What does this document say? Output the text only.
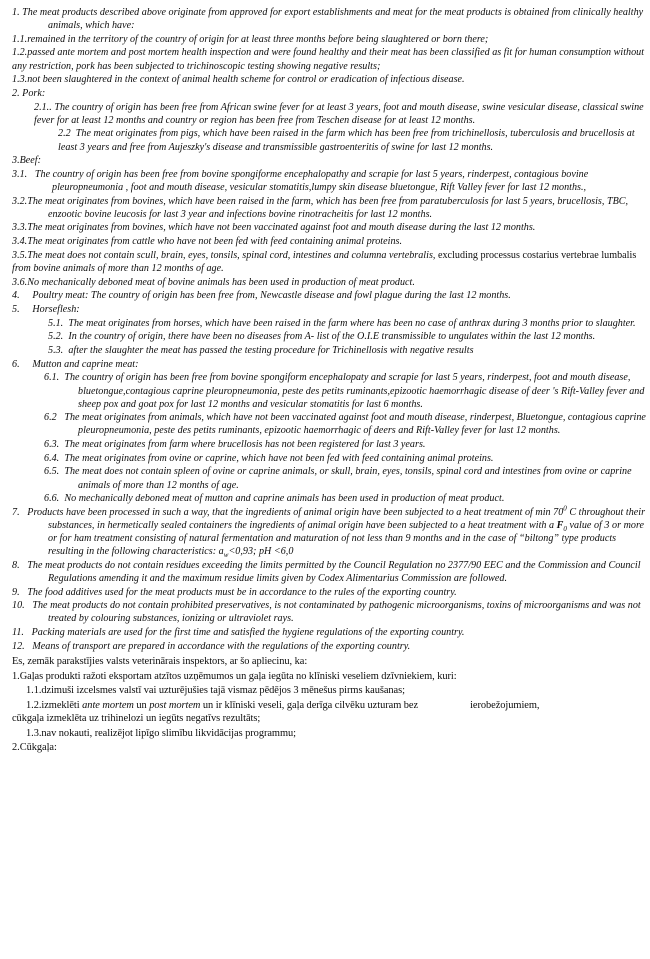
1. The meat products described above originate from approved for export establishments and meat for the meat products is obtained from clinically healthy animals, which have:

1.1.remained in the territory of the country of origin for at least three months before being slaughtered or born there;

1.2.passed ante mortem and post mortem health inspection and were found healthy and their meat has been classified as fit for human consumption without any restriction, pork has been subjected to trichinoscopic testing showing negative results;

1.3.not been slaughtered in the context of animal health scheme for control or eradication of infectious disease.

2. Pork:

2.1.. The country of origin has been free from African swine fever for at least 3 years, foot and mouth disease, swine vesicular disease, classical swine fever for at least 12 months and country or region has been free from Teschen disease for at least 12 months.

2.2 The meat originates from pigs, which have been raised in the farm which has been free from trichinellosis, tuberculosis and brucellosis at least 3 years and free from Aujeszky's disease and transmissible gastroenteritis of swine for last 12 months.

3.Beef:

3.1. The country of origin has been free from bovine spongiforme encephalopathy and scrapie for last 5 years, rinderpest, contagious bovine pleuropneumonia , foot and mouth disease, vesicular stomatitis,lumpy skin disease bluetongue, Rift Valley fever for last 12 months.,

3.2.The meat originates from bovines, which have been raised in the farm, which has been free from paratuberculosis for last 5 years, brucellosis, TBC, enzootic bovine leucosis for last 3 year and infections bovine rinotracheitis for last 12 months.

3.3.The meat originates from bovines, which have not been vaccinated against foot and mouth disease during the last 12 months.

3.4.The meat originates from cattle who have not been fed with feed containing animal proteins.

3.5.The meat does not contain scull, brain, eyes, tonsils, spinal cord, intestines and columna vertebralis, excluding processus costarius vertebrae lumbalis from bovine animals of more than 12 months of age.

3.6.No mechanically deboned meat of bovine animals has been used in production of meat product.

4. Poultry meat: The country of origin has been free from, Newcastle disease and fowl plague during the last 12 months.

5. Horseflesh:

5.1. The meat originates from horses, which have been raised in the farm where has been no case of anthrax during 3 months prior to slaughter.

5.2. In the country of origin, there have been no diseases from A- list of the O.I.E transmissible to ungulates within the last 12 months.

5.3. after the slaughter the meat has passed the testing procedure for Trichinellosis with negative results

6. Mutton and caprine meat:

6.1. The country of origin has been free from bovine spongiform encephalopaty and scrapie for last 5 years, rinderpest, foot and mouth disease, bluetongue,contagious caprine pleuropneumonia, peste des petits ruminants,epizootic haemorrhagic disease of deer 's Rift-Valley fever and sheep pox and goat pox for last 12 months and vesicular stomatitis for last 6 months.

6.2 The meat originates from animals, which have not been vaccinated against foot and mouth disease, rinderpest, Bluetongue, contagious caprine pleuropneumonia, peste des petits ruminants, epizootic haemorrhagic of deers and Rift-Valley fever for last 12 months.

6.3. The meat originates from farm where brucellosis has not been registered for last 3 years.

6.4. The meat originates from ovine or caprine, which have not been fed with feed containing animal proteins.

6.5. The meat does not contain spleen of ovine or caprine animals, or skull, brain, eyes, tonsils, spinal cord and intestines from ovine or caprine animals of more than 12 months of age.

6.6. No mechanically deboned meat of mutton and caprine animals has been used in production of meat product.

7. Products have been processed in such a way, that the ingredients of animal origin have been subjected to a heat treatment of $\min 70^0$ C throughout their substances, in hermetically sealed containers the ingredients of animal origin have been subjected to a heat treatment with a $F_0$ value of 3 or more or for ham treatment consisting of natural fermentation and maturation of not less than 9 months and in the case of “biltong” type products resulting in the following characteristics: $a_w<0,93$; pH <6,0

8. The meat products do not contain residues exceeding the limits permitted by the Council Regulation no 2377/90 EEC and the Commission and Council Regulations amending it and the maximum residue limits given by Codex Alimentarius Commission are followed.

9. The food additives used for the meat products must be in accordance to the rules of the exporting country.

10. The meat products do not contain prohibited preservatives, is not contaminated by pathogenic microorganisms, toxins of microorganisms and was not treated by colouring substances, ionizing or ultraviolet rays.

11. Packing materials are used for the first time and satisfied the hygiene regulations of the exporting country.

12. Means of transport are prepared in accordance with the regulations of the exporting country.

Es, zemāk parakstījies valsts veterinārais inspektors, ar šo apliecinu, ka:

1.Gaļas produkti ražoti eksportam atzītos uzņēmumos un gaļa iegūta no klīniski veseliem dzīvniekiem, kuri:

1.1.dzimuši izcelsmes valstī vai uzturējušies tajā vismaz pēdējos 3 mēnešus pirms kaušanas;

1.2.izmeklēti ante mortem un post mortem un ir klīniski veseli, gaļa derīga cilvēku uzturam bez	ierobežojumiem,

cūkgaļa izmeklēta uz trihinelozi un iegūts negatīvs rezultāts;

1.3.nav nokauti, realizējot lipīgo slimību likvidācijas programmu;

2.Cūkgaļa:
